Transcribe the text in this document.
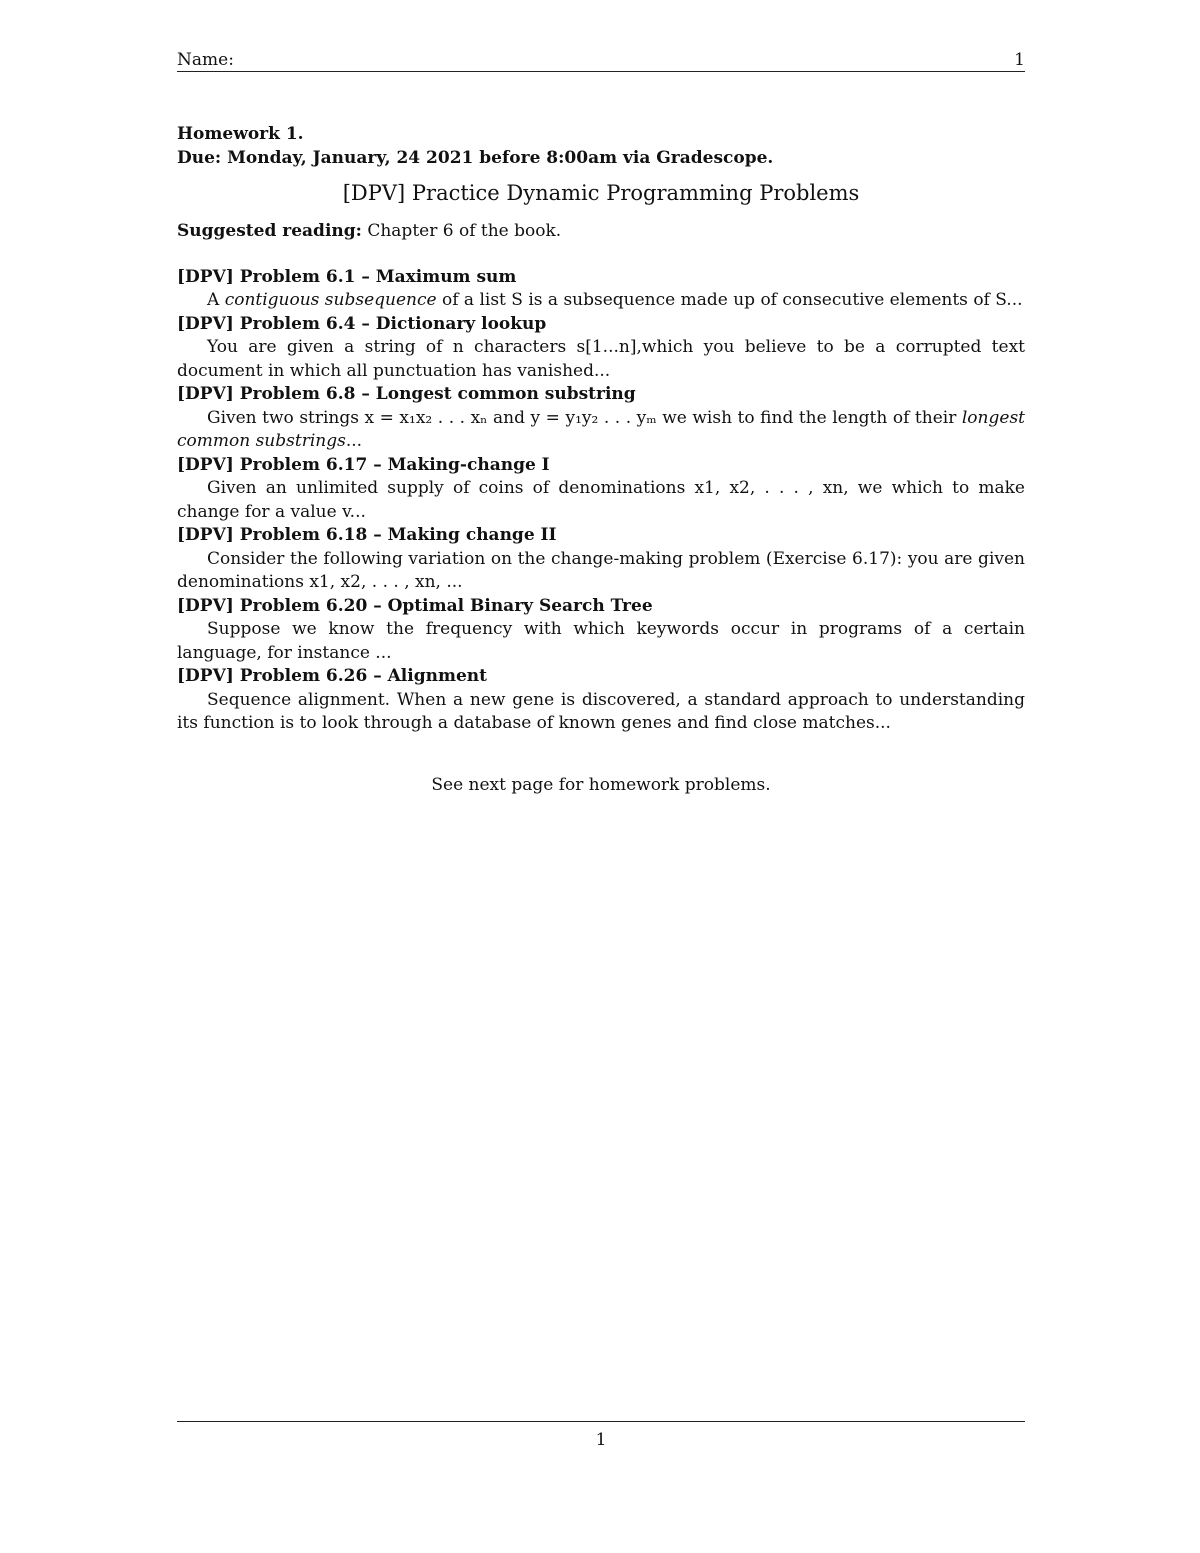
Name:	1
Homework 1.
Due: Monday, January, 24 2021 before 8:00am via Gradescope.
[DPV] Practice Dynamic Programming Problems
Suggested reading: Chapter 6 of the book.
[DPV] Problem 6.1 – Maximum sum
A contiguous subsequence of a list S is a subsequence made up of consecutive elements of S...
[DPV] Problem 6.4 – Dictionary lookup
You are given a string of n characters s[1...n],which you believe to be a corrupted text document in which all punctuation has vanished...
[DPV] Problem 6.8 – Longest common substring
Given two strings x = x₁x₂ . . . xₙ and y = y₁y₂ . . . yₘ we wish to find the length of their longest common substrings...
[DPV] Problem 6.17 – Making-change I
Given an unlimited supply of coins of denominations x1, x2, . . . , xn, we which to make change for a value v...
[DPV] Problem 6.18 – Making change II
Consider the following variation on the change-making problem (Exercise 6.17): you are given denominations x1, x2, . . . , xn, ...
[DPV] Problem 6.20 – Optimal Binary Search Tree
Suppose we know the frequency with which keywords occur in programs of a certain language, for instance ...
[DPV] Problem 6.26 – Alignment
Sequence alignment. When a new gene is discovered, a standard approach to understanding its function is to look through a database of known genes and find close matches...
See next page for homework problems.
1
